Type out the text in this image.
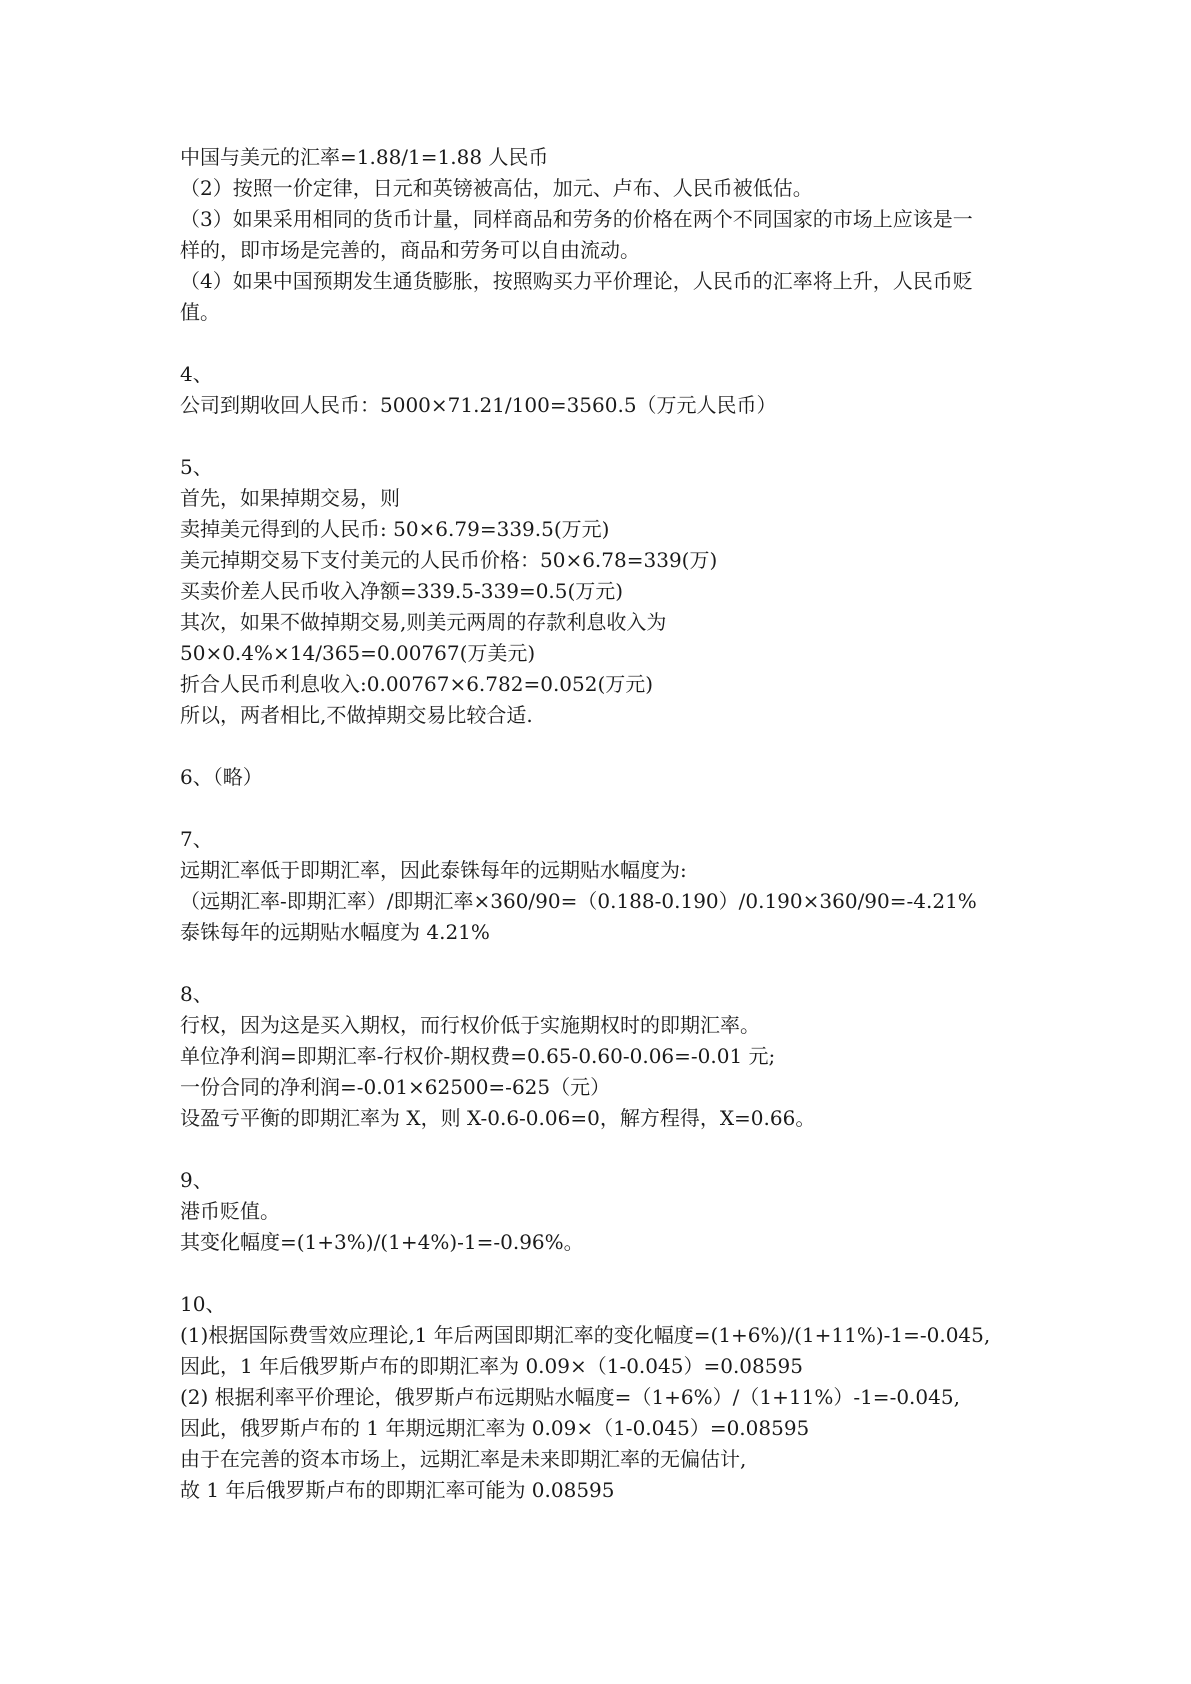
中国与美元的汇率=1.88/1=1.88 人民币

（2）按照一价定律，日元和英镑被高估，加元、卢布、人民币被低估。

（3）如果采用相同的货币计量，同样商品和劳务的价格在两个不同国家的市场上应该是一

样的，即市场是完善的，商品和劳务可以自由流动。

（4）如果中国预期发生通货膨胀，按照购买力平价理论，人民币的汇率将上升，人民币贬

值。

4、

公司到期收回人民币：5000×71.21/100=3560.5（万元人民币）

5、

首先，如果掉期交易，则

卖掉美元得到的人民币: 50×6.79=339.5(万元)

美元掉期交易下支付美元的人民币价格：50×6.78=339(万)

买卖价差人民币收入净额=339.5-339=0.5(万元)

其次，如果不做掉期交易,则美元两周的存款利息收入为

50×0.4%×14/365=0.00767(万美元)

折合人民币利息收入:0.00767×6.782=0.052(万元)

所以，两者相比,不做掉期交易比较合适.

6、（略）

7、

远期汇率低于即期汇率，因此泰铢每年的远期贴水幅度为:

（远期汇率-即期汇率）/即期汇率×360/90=（0.188-0.190）/0.190×360/90=-4.21%

泰铢每年的远期贴水幅度为 4.21%

8、

行权，因为这是买入期权，而行权价低于实施期权时的即期汇率。

单位净利润=即期汇率-行权价-期权费=0.65-0.60-0.06=-0.01 元;

一份合同的净利润=-0.01×62500=-625（元）

设盈亏平衡的即期汇率为 X，则 X-0.6-0.06=0，解方程得，X=0.66。

9、

港币贬值。

其变化幅度=(1+3%)/(1+4%)-1=-0.96%。

10、

(1)根据国际费雪效应理论,1 年后两国即期汇率的变化幅度=(1+6%)/(1+11%)-1=-0.045,

因此，1 年后俄罗斯卢布的即期汇率为 0.09×（1-0.045）=0.08595

(2) 根据利率平价理论，俄罗斯卢布远期贴水幅度=（1+6%）/（1+11%）-1=-0.045,

因此，俄罗斯卢布的 1 年期远期汇率为 0.09×（1-0.045）=0.08595

由于在完善的资本市场上，远期汇率是未来即期汇率的无偏估计,

故 1 年后俄罗斯卢布的即期汇率可能为 0.08595
